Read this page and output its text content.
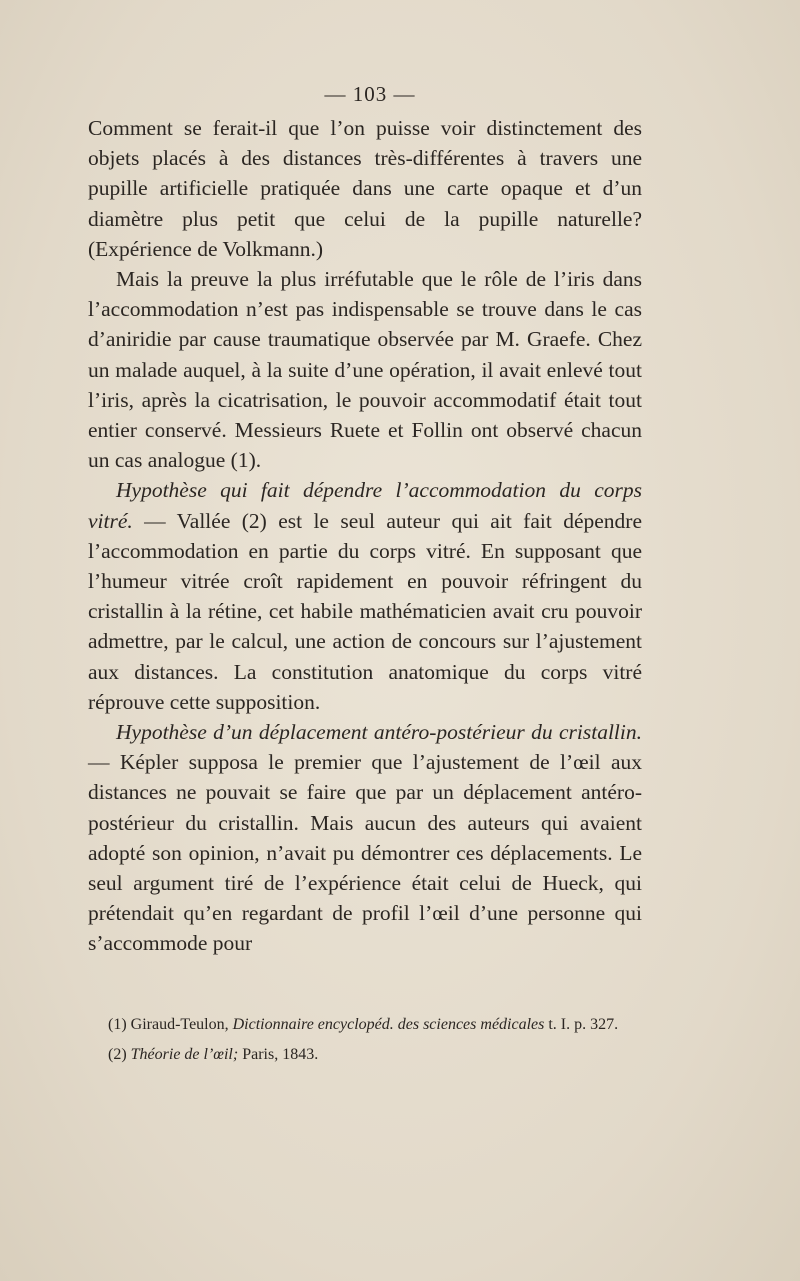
— 103 —

Comment se ferait-il que l’on puisse voir distinctement des objets placés à des distances très-différentes à travers une pupille artificielle pratiquée dans une carte opaque et d’un diamètre plus petit que celui de la pupille naturelle? (Expérience de Volkmann.)

Mais la preuve la plus irréfutable que le rôle de l’iris dans l’accommodation n’est pas indispensable se trouve dans le cas d’aniridie par cause traumatique observée par M. Graefe. Chez un malade auquel, à la suite d’une opération, il avait enlevé tout l’iris, après la cicatrisation, le pouvoir accommodatif était tout entier conservé. Messieurs Ruete et Follin ont observé chacun un cas analogue (1).

Hypothèse qui fait dépendre l’accommodation du corps vitré. — Vallée (2) est le seul auteur qui ait fait dépendre l’accommodation en partie du corps vitré. En supposant que l’humeur vitrée croît rapidement en pouvoir réfringent du cristallin à la rétine, cet habile mathématicien avait cru pouvoir admettre, par le calcul, une action de concours sur l’ajustement aux distances. La constitution anatomique du corps vitré réprouve cette supposition.

Hypothèse d’un déplacement antéro-postérieur du cristallin. — Képler supposa le premier que l’ajustement de l’œil aux distances ne pouvait se faire que par un déplacement antéro-postérieur du cristallin. Mais aucun des auteurs qui avaient adopté son opinion, n’avait pu démontrer ces déplacements. Le seul argument tiré de l’expérience était celui de Hueck, qui prétendait qu’en regardant de profil l’œil d’une personne qui s’accommode pour

(1) Giraud-Teulon, Dictionnaire encyclopéd. des sciences médicales t. I. p. 327.

(2) Théorie de l’œil; Paris, 1843.
